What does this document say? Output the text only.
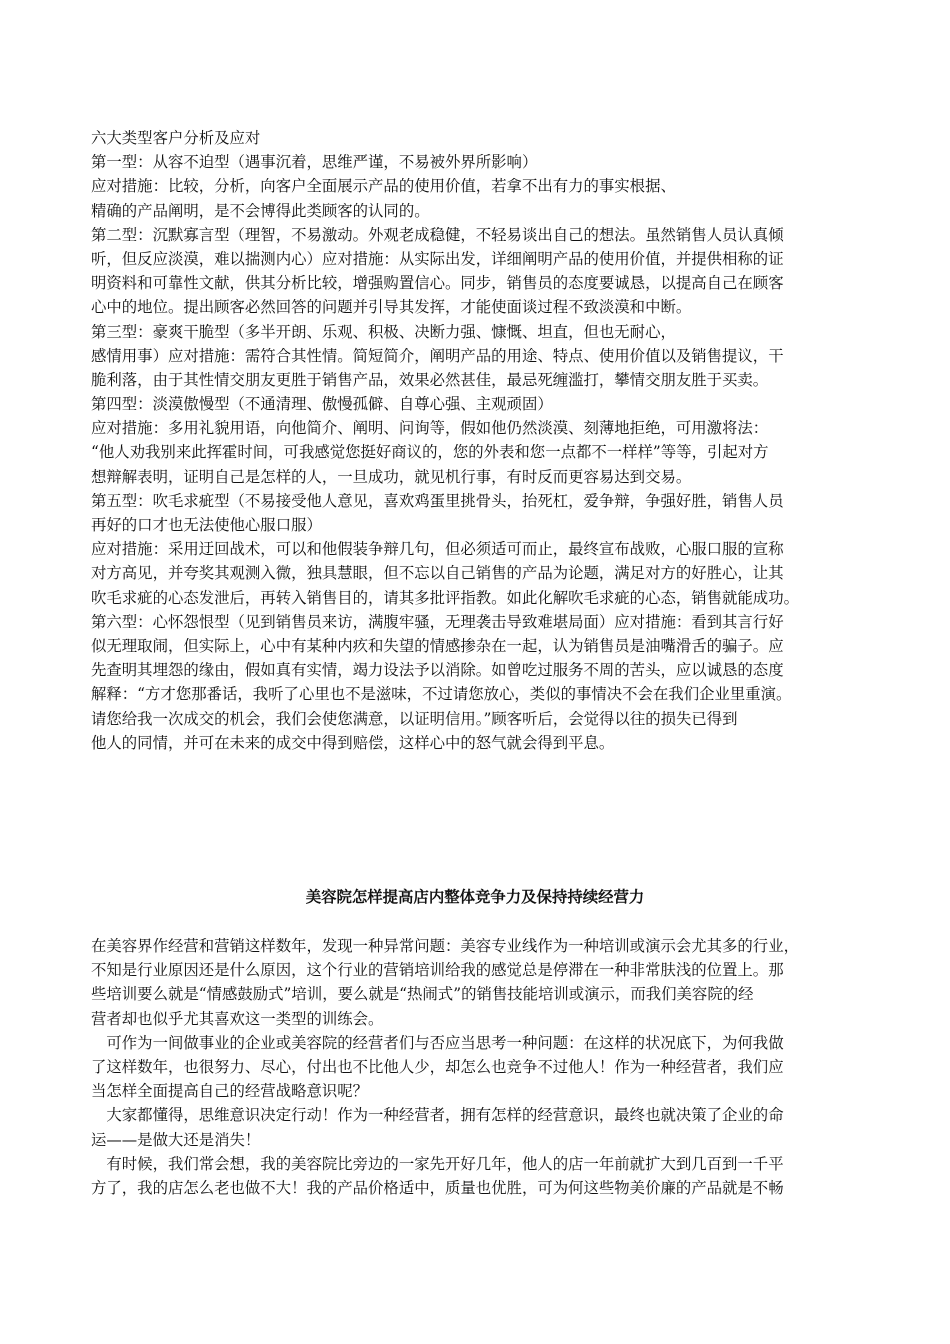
六大类型客户分析及应对
第一型：从容不迫型（遇事沉着，思维严谨，不易被外界所影响）
应对措施：比较，分析，向客户全面展示产品的使用价值，若拿不出有力的事实根据、
精确的产品阐明，是不会博得此类顾客的认同的。
第二型：沉默寡言型（理智，不易激动。外观老成稳健，不轻易谈出自己的想法。虽然销售人员认真倾
听，但反应淡漠，难以揣测内心）应对措施：从实际出发，详细阐明产品的使用价值，并提供相称的证
明资料和可靠性文献，供其分析比较，增强购置信心。同步，销售员的态度要诚恳，以提高自己在顾客
心中的地位。提出顾客必然回答的问题并引导其发挥，才能使面谈过程不致淡漠和中断。
第三型：豪爽干脆型（多半开朗、乐观、积极、决断力强、慷慨、坦直，但也无耐心，
感情用事）应对措施：需符合其性情。简短简介，阐明产品的用途、特点、使用价值以及销售提议，干
脆利落，由于其性情交朋友更胜于销售产品，效果必然甚佳，最忌死缠滥打，攀情交朋友胜于买卖。
第四型：淡漠傲慢型（不通清理、傲慢孤僻、自尊心强、主观顽固）
应对措施：多用礼貌用语，向他简介、阐明、问询等，假如他仍然淡漠、刻薄地拒绝，可用激将法：
“他人劝我别来此挥霍时间，可我感觉您挺好商议的，您的外表和您一点都不一样样”等等，引起对方
想辩解表明，证明自己是怎样的人，一旦成功，就见机行事，有时反而更容易达到交易。
第五型：吹毛求疵型（不易接受他人意见，喜欢鸡蛋里挑骨头，抬死杠，爱争辩，争强好胜，销售人员
再好的口才也无法使他心服口服）
应对措施：采用迂回战术，可以和他假装争辩几句，但必须适可而止，最终宣布战败，心服口服的宣称
对方高见，并夸奖其观测入微，独具慧眼，但不忘以自己销售的产品为论题，满足对方的好胜心，让其
吹毛求疵的心态发泄后，再转入销售目的，请其多批评指教。如此化解吹毛求疵的心态，销售就能成功。
第六型：心怀怨恨型（见到销售员来访，满腹牢骚，无理袭击导致难堪局面）应对措施：看到其言行好
似无理取闹，但实际上，心中有某种内疚和失望的情感掺杂在一起，认为销售员是油嘴滑舌的骗子。应
先查明其埋怨的缘由，假如真有实情，竭力设法予以消除。如曾吃过服务不周的苦头，应以诚恳的态度
解释：“方才您那番话，我听了心里也不是滋味，不过请您放心，类似的事情决不会在我们企业里重演。
请您给我一次成交的机会，我们会使您满意，以证明信用。”顾客听后，会觉得以往的损失已得到
他人的同情，并可在未来的成交中得到赔偿，这样心中的怒气就会得到平息。
美容院怎样提高店内整体竞争力及保持持续经营力
在美容界作经营和营销这样数年，发现一种异常问题：美容专业线作为一种培训或演示会尤其多的行业，
不知是行业原因还是什么原因，这个行业的营销培训给我的感觉总是停滞在一种非常肤浅的位置上。那
些培训要么就是“情感鼓励式”培训，要么就是“热闹式”的销售技能培训或演示，而我们美容院的经
营者却也似乎尤其喜欢这一类型的训练会。
　可作为一间做事业的企业或美容院的经营者们与否应当思考一种问题：在这样的状况底下，为何我做
了这样数年，也很努力、尽心，付出也不比他人少，却怎么也竞争不过他人！作为一种经营者，我们应
当怎样全面提高自己的经营战略意识呢？
　大家都懂得，思维意识决定行动！作为一种经营者，拥有怎样的经营意识，最终也就决策了企业的命
运——是做大还是消失！
　有时候，我们常会想，我的美容院比旁边的一家先开好几年，他人的店一年前就扩大到几百到一千平
方了，我的店怎么老也做不大！我的产品价格适中，质量也优胜，可为何这些物美价廉的产品就是不畅
